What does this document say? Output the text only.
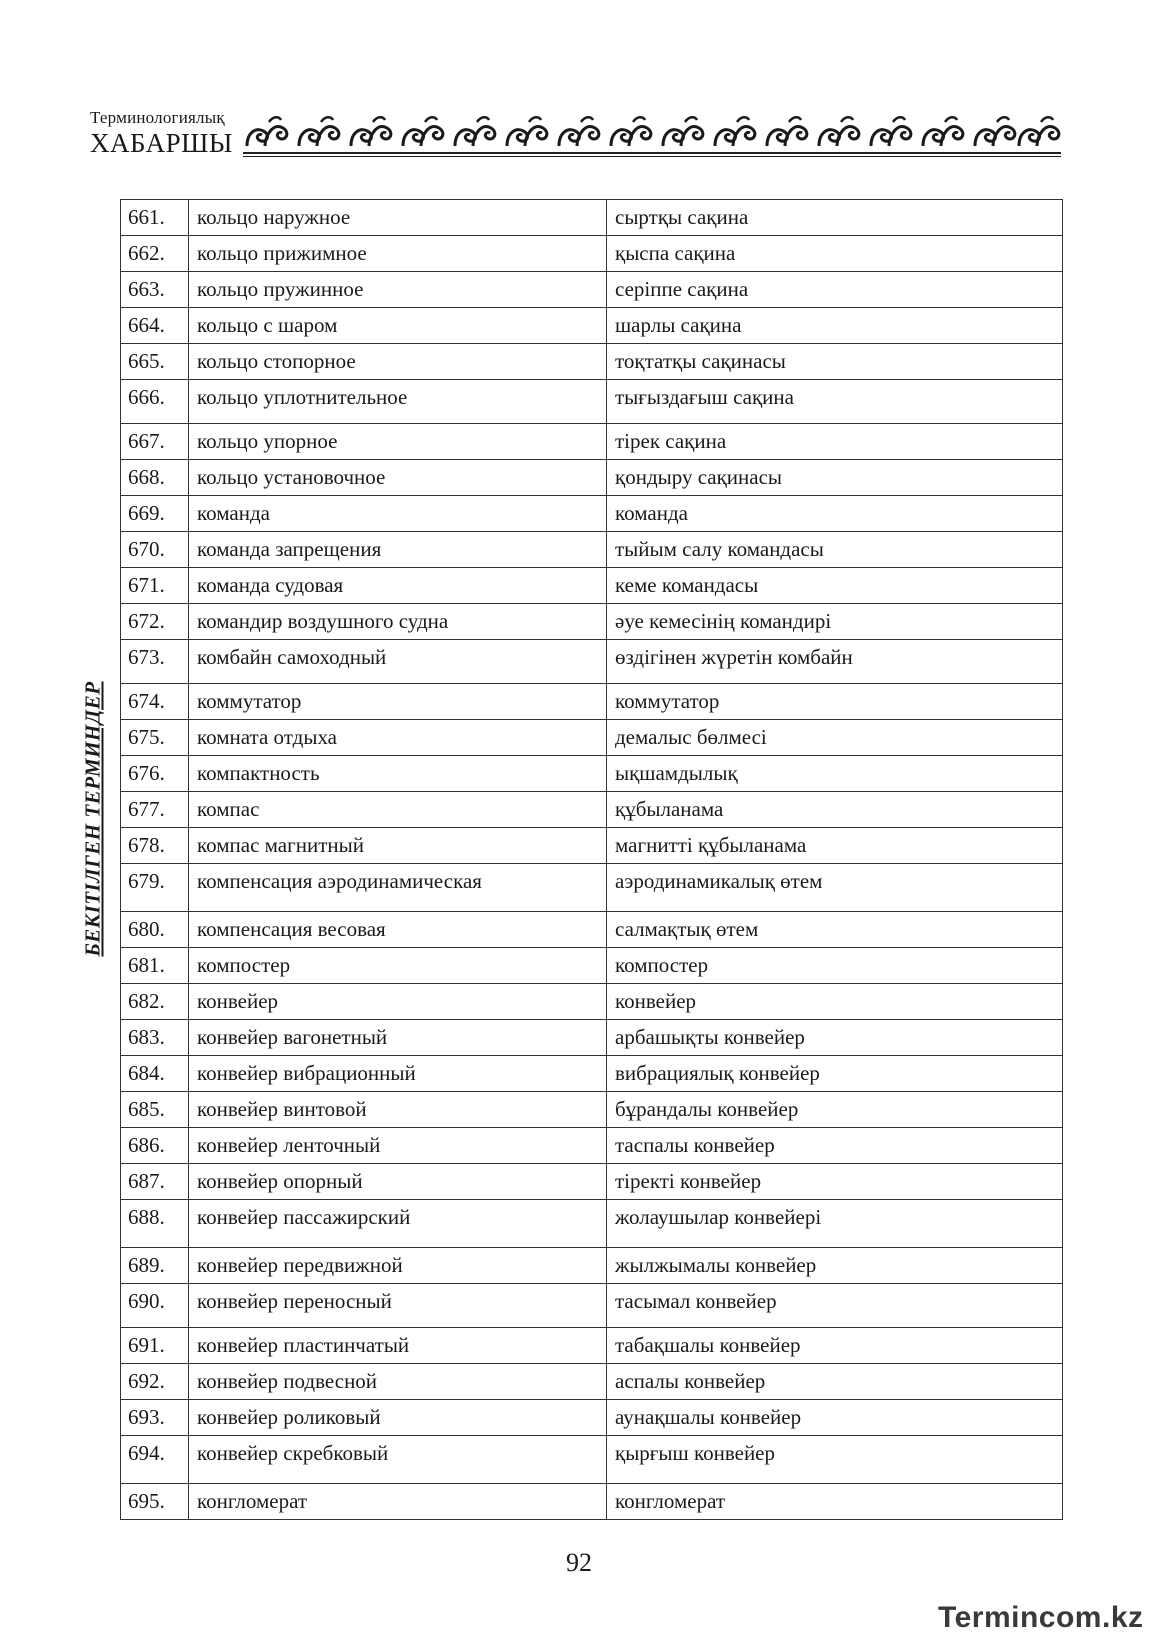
Терминологиялық
ХАБАРШЫ
БЕКІТІЛГЕН ТЕРМИНДЕР
661.	кольцо наружное	сыртқы сақина
662.	кольцо прижимное	қыспа сақина
663.	кольцо пружинное	серіппе сақина
664.	кольцо с шаром	шарлы сақина
665.	кольцо стопорное	тоқтатқы сақинасы
666.	кольцо уплотнительное	тығыздағыш сақина
667.	кольцо упорное	тірек сақина
668.	кольцо установочное	қондыру сақинасы
669.	команда	команда
670.	команда запрещения	тыйым салу командасы
671.	команда судовая	кеме командасы
672.	командир воздушного судна	әуе кемесінің командирі
673.	комбайн самоходный	өздігінен жүретін комбайн
674.	коммутатор	коммутатор
675.	комната отдыха	демалыс бөлмесі
676.	компактность	ықшамдылық
677.	компас	құбыланама
678.	компас магнитный	магнитті құбыланама
679.	компенсация аэродинамическая	аэродинамикалық өтем
680.	компенсация весовая	салмақтық өтем
681.	компостер	компостер
682.	конвейер	конвейер
683.	конвейер вагонетный	арбашықты конвейер
684.	конвейер вибрационный	вибрациялық конвейер
685.	конвейер винтовой	бұрандалы конвейер
686.	конвейер ленточный	таспалы конвейер
687.	конвейер опорный	тіректі конвейер
688.	конвейер пассажирский	жолаушылар конвейері
689.	конвейер передвижной	жылжымалы конвейер
690.	конвейер переносный	тасымал конвейер
691.	конвейер пластинчатый	табақшалы конвейер
692.	конвейер подвесной	аспалы конвейер
693.	конвейер роликовый	аунақшалы конвейер
694.	конвейер скребковый	қырғыш конвейер
695.	конгломерат	конгломерат
92
Termincom.kz
